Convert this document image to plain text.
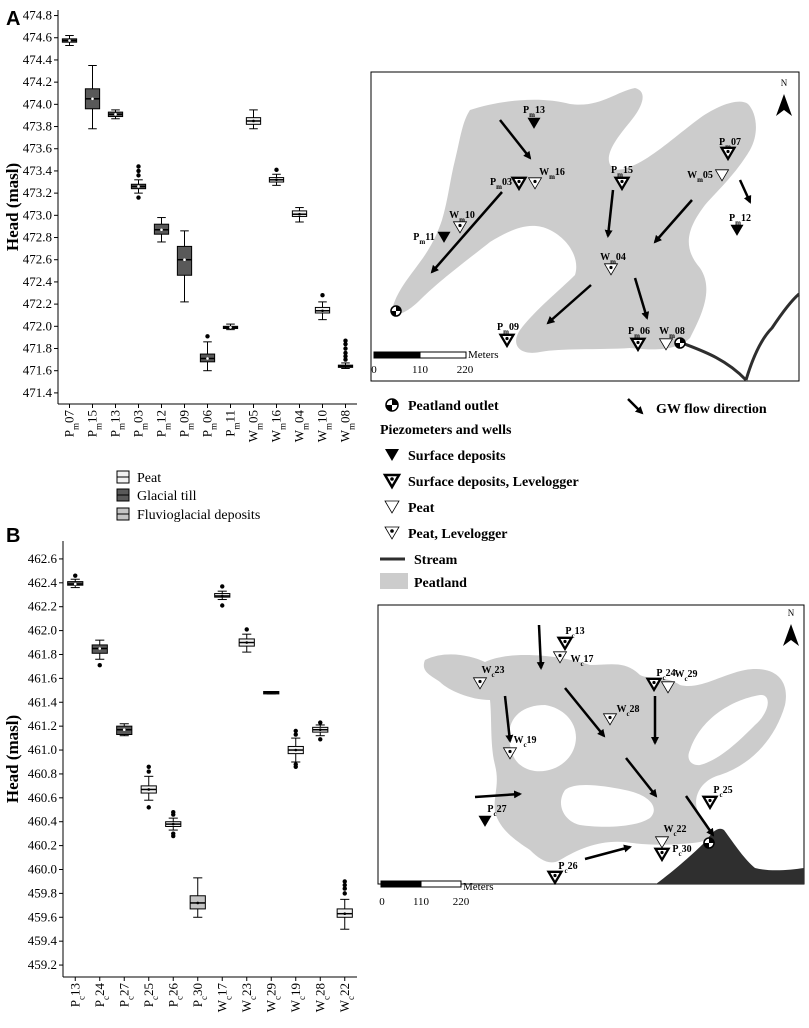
A
B
471.4
471.6
471.8
472.0
472.2
472.4
472.6
472.8
473.0
473.2
473.4
473.6
473.8
474.0
474.2
474.4
474.6
474.8
Head (masl)
$P_m07$
$P_m15$
$P_m13$
$P_m03$
$P_m12$
$P_m09$
$P_m06$
$P_m11$
$W_m05$
$W_m16$
$W_m04$
$W_m10$
$W_m08$
459.2
459.4
459.6
459.8
460.0
460.2
460.4
460.6
460.8
461.0
461.2
461.4
461.6
461.8
462.0
462.2
462.4
462.6
Head (masl)
$P_c13$
$P_c24$
$P_c27$
$P_c25$
$P_c26$
$P_c30$
$W_c17$
$W_c23$
$W_c29$
$W_c19$
$W_c28$
$W_c22$
Peat
Glacial till
Fluvioglacial deposits
$P_m13$
$W_m16$
$P_m03$
$P_m15$	$W_m05$
$P_m07$
$P_m12$
$W_m10$
$P_m11$
$W_m04$
$P_m09$	$P_m06$ $W_m08$
N
Meters
0	110	220
Peatland outlet	GW flow direction
Piezometers and wells
Surface deposits
Surface deposits, Levelogger
Peat
Peat, Levelogger
Stream
Peatland
$P_c13$
$W_c17$
$W_c23$	$P_c24$
$W_c29$
$W_c28$
$W_c19$
$P_c27$
$P_c25$
$W_c22$
$P_c30$
$P_c26$
N
Meters
0	110 220
